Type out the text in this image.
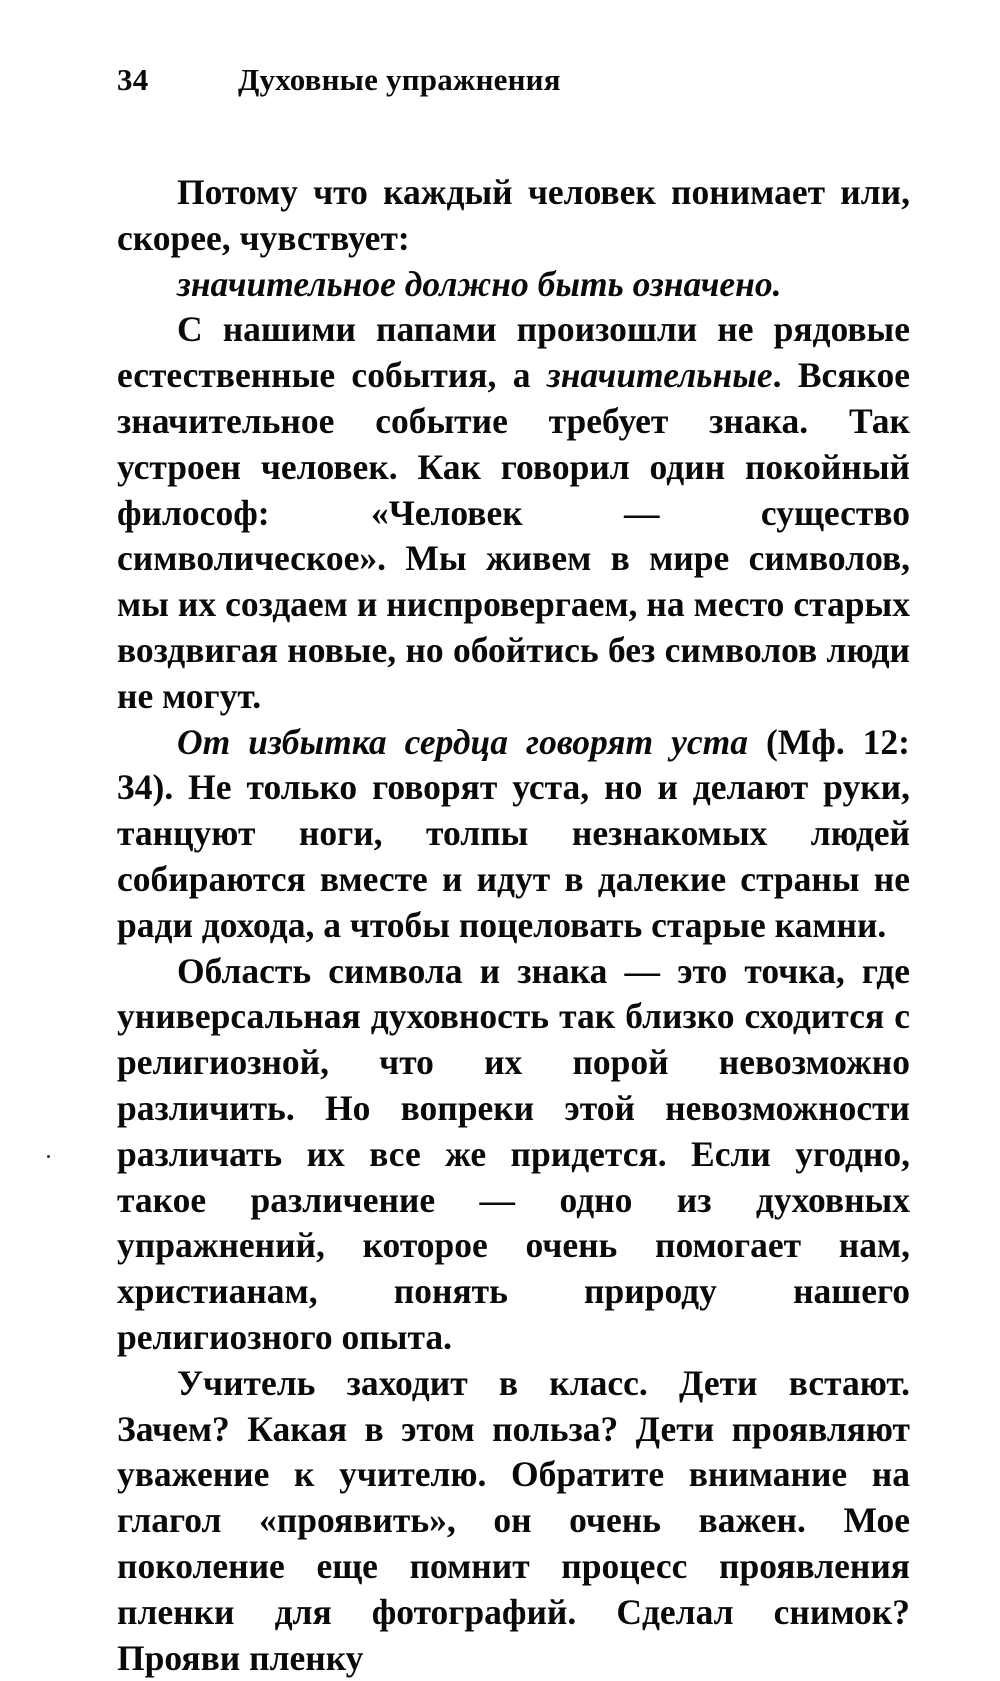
34	Духовные упражнения

Потому что каждый человек понимает или, скорее, чувствует:

значительное должно быть означено.

С нашими папами произошли не рядовые естественные события, а значительные. Всякое значительное событие требует знака. Так устроен человек. Как говорил один покойный философ: «Человек — существо символическое». Мы живем в мире символов, мы их создаем и ниспровергаем, на место старых воздвигая новые, но обойтись без символов люди не могут.

От избытка сердца говорят уста (Мф. 12: 34). Не только говорят уста, но и делают руки, танцуют ноги, толпы незнакомых людей собираются вместе и идут в далекие страны не ради дохода, а чтобы поцеловать старые камни.

Область символа и знака — это точка, где универсальная духовность так близко сходится с религиозной, что их порой невозможно различить. Но вопреки этой невозможности различать их все же придется. Если угодно, такое различение — одно из духовных упражнений, которое очень помогает нам, христианам, понять природу нашего религиозного опыта.

Учитель заходит в класс. Дети встают. Зачем? Какая в этом польза? Дети проявляют уважение к учителю. Обратите внимание на глагол «проявить», он очень важен. Мое поколение еще помнит процесс проявления пленки для фотографий. Сделал снимок? Прояви пленку
